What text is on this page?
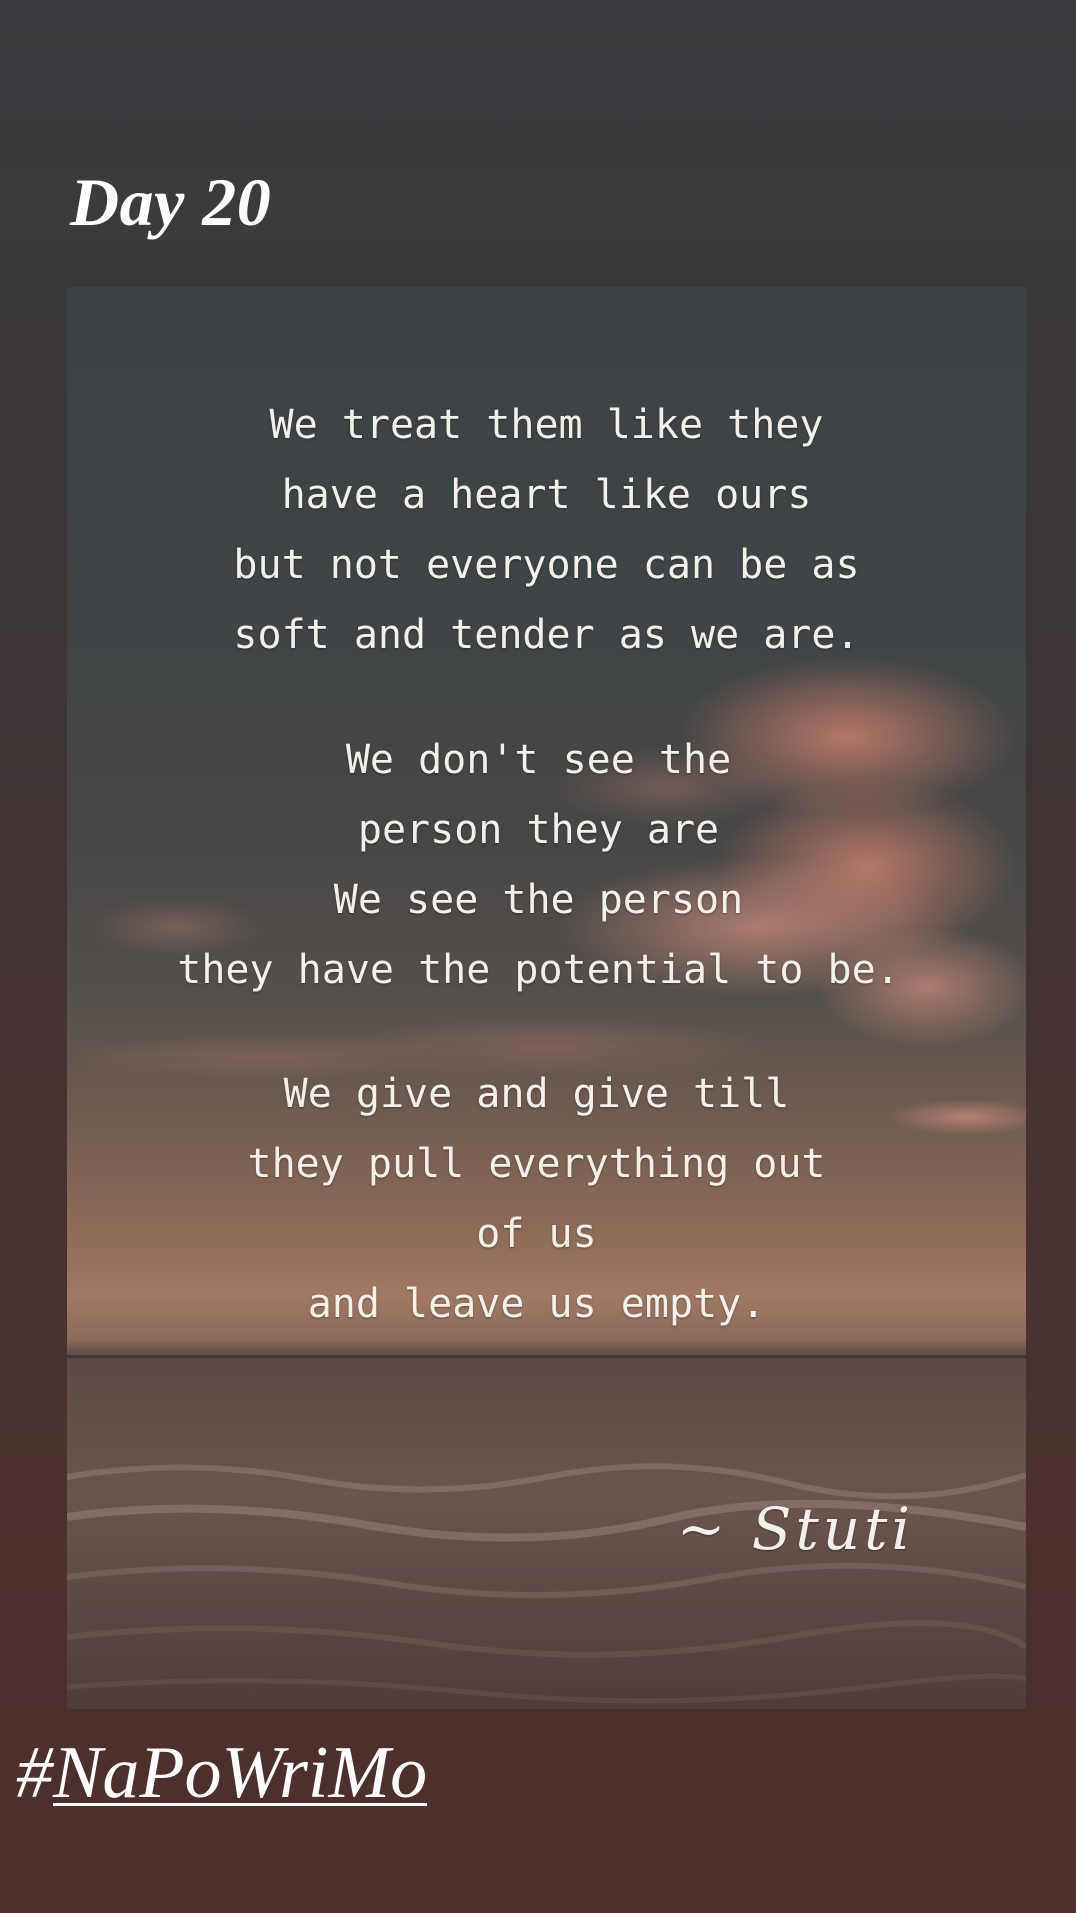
Day 20
We treat them like they
have a heart like ours
but not everyone can be as
soft and tender as we are.
We don't see the
person they are
We see the person
they have the potential to be.
We give and give till
they pull everything out
of us
and leave us empty.
~ Stuti
#NaPoWriMo
